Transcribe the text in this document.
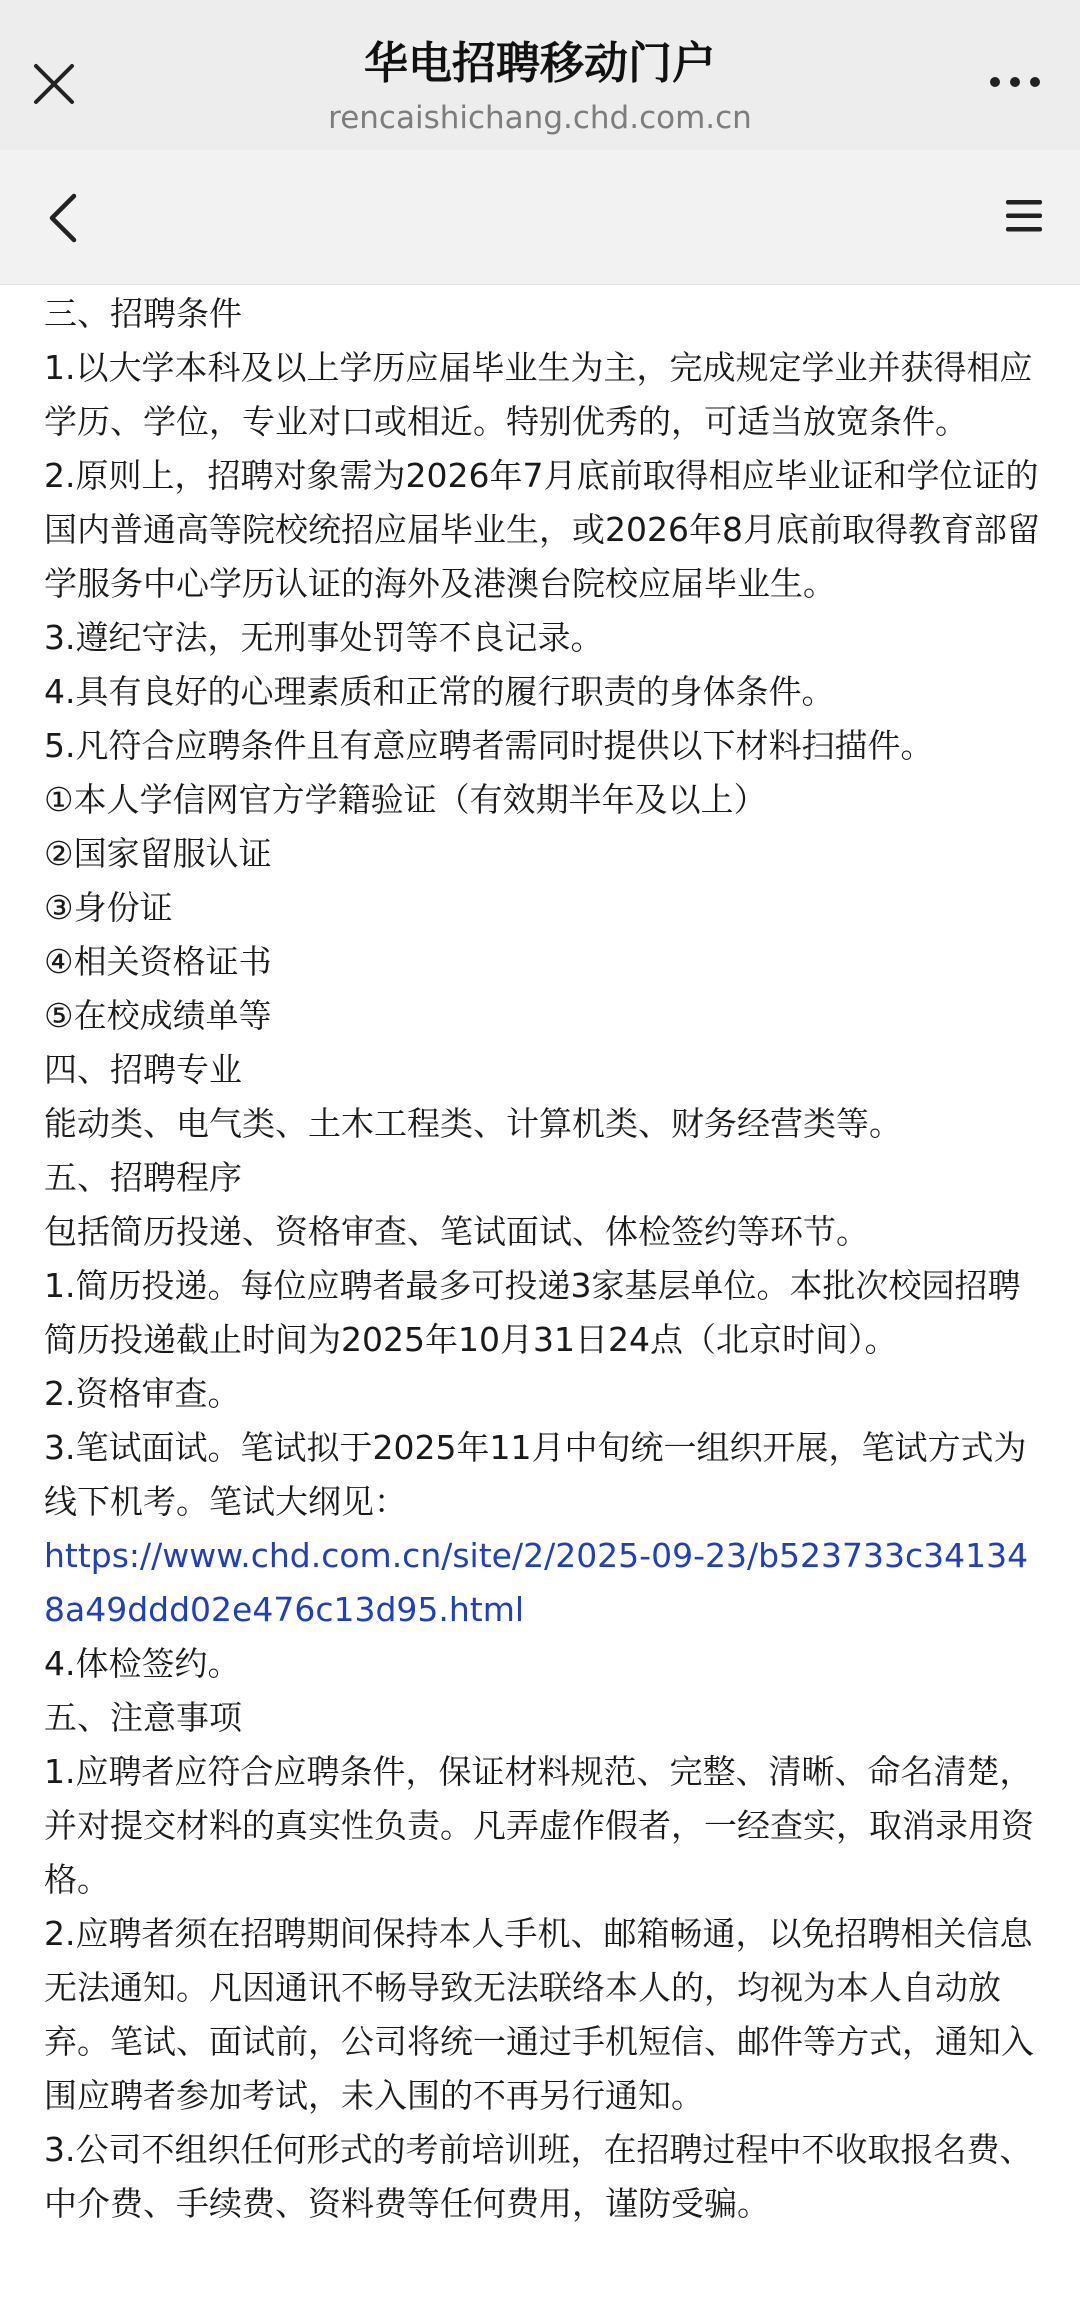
华电招聘移动门户
rencaishichang.chd.com.cn

三、招聘条件

1.以大学本科及以上学历应届毕业生为主，完成规定学业并获得相应学历、学位，专业对口或相近。特别优秀的，可适当放宽条件。

2.原则上，招聘对象需为2026年7月底前取得相应毕业证和学位证的国内普通高等院校统招应届毕业生，或2026年8月底前取得教育部留学服务中心学历认证的海外及港澳台院校应届毕业生。

3.遵纪守法，无刑事处罚等不良记录。

4.具有良好的心理素质和正常的履行职责的身体条件。

5.凡符合应聘条件且有意应聘者需同时提供以下材料扫描件。

①本人学信网官方学籍验证（有效期半年及以上）

②国家留服认证

③身份证

④相关资格证书

⑤在校成绩单等

四、招聘专业

能动类、电气类、土木工程类、计算机类、财务经营类等。

五、招聘程序

包括简历投递、资格审查、笔试面试、体检签约等环节。

1.简历投递。每位应聘者最多可投递3家基层单位。本批次校园招聘简历投递截止时间为2025年10月31日24点（北京时间）。

2.资格审查。

3.笔试面试。笔试拟于2025年11月中旬统一组织开展，笔试方式为线下机考。笔试大纲见：

https://www.chd.com.cn/site/2/2025-09-23/b523733c341348a49ddd02e476c13d95.html

4.体检签约。

五、注意事项

1.应聘者应符合应聘条件，保证材料规范、完整、清晰、命名清楚，并对提交材料的真实性负责。凡弄虚作假者，一经查实，取消录用资格。

2.应聘者须在招聘期间保持本人手机、邮箱畅通，以免招聘相关信息无法通知。凡因通讯不畅导致无法联络本人的，均视为本人自动放弃。笔试、面试前，公司将统一通过手机短信、邮件等方式，通知入围应聘者参加考试，未入围的不再另行通知。

3.公司不组织任何形式的考前培训班，在招聘过程中不收取报名费、中介费、手续费、资料费等任何费用，谨防受骗。
